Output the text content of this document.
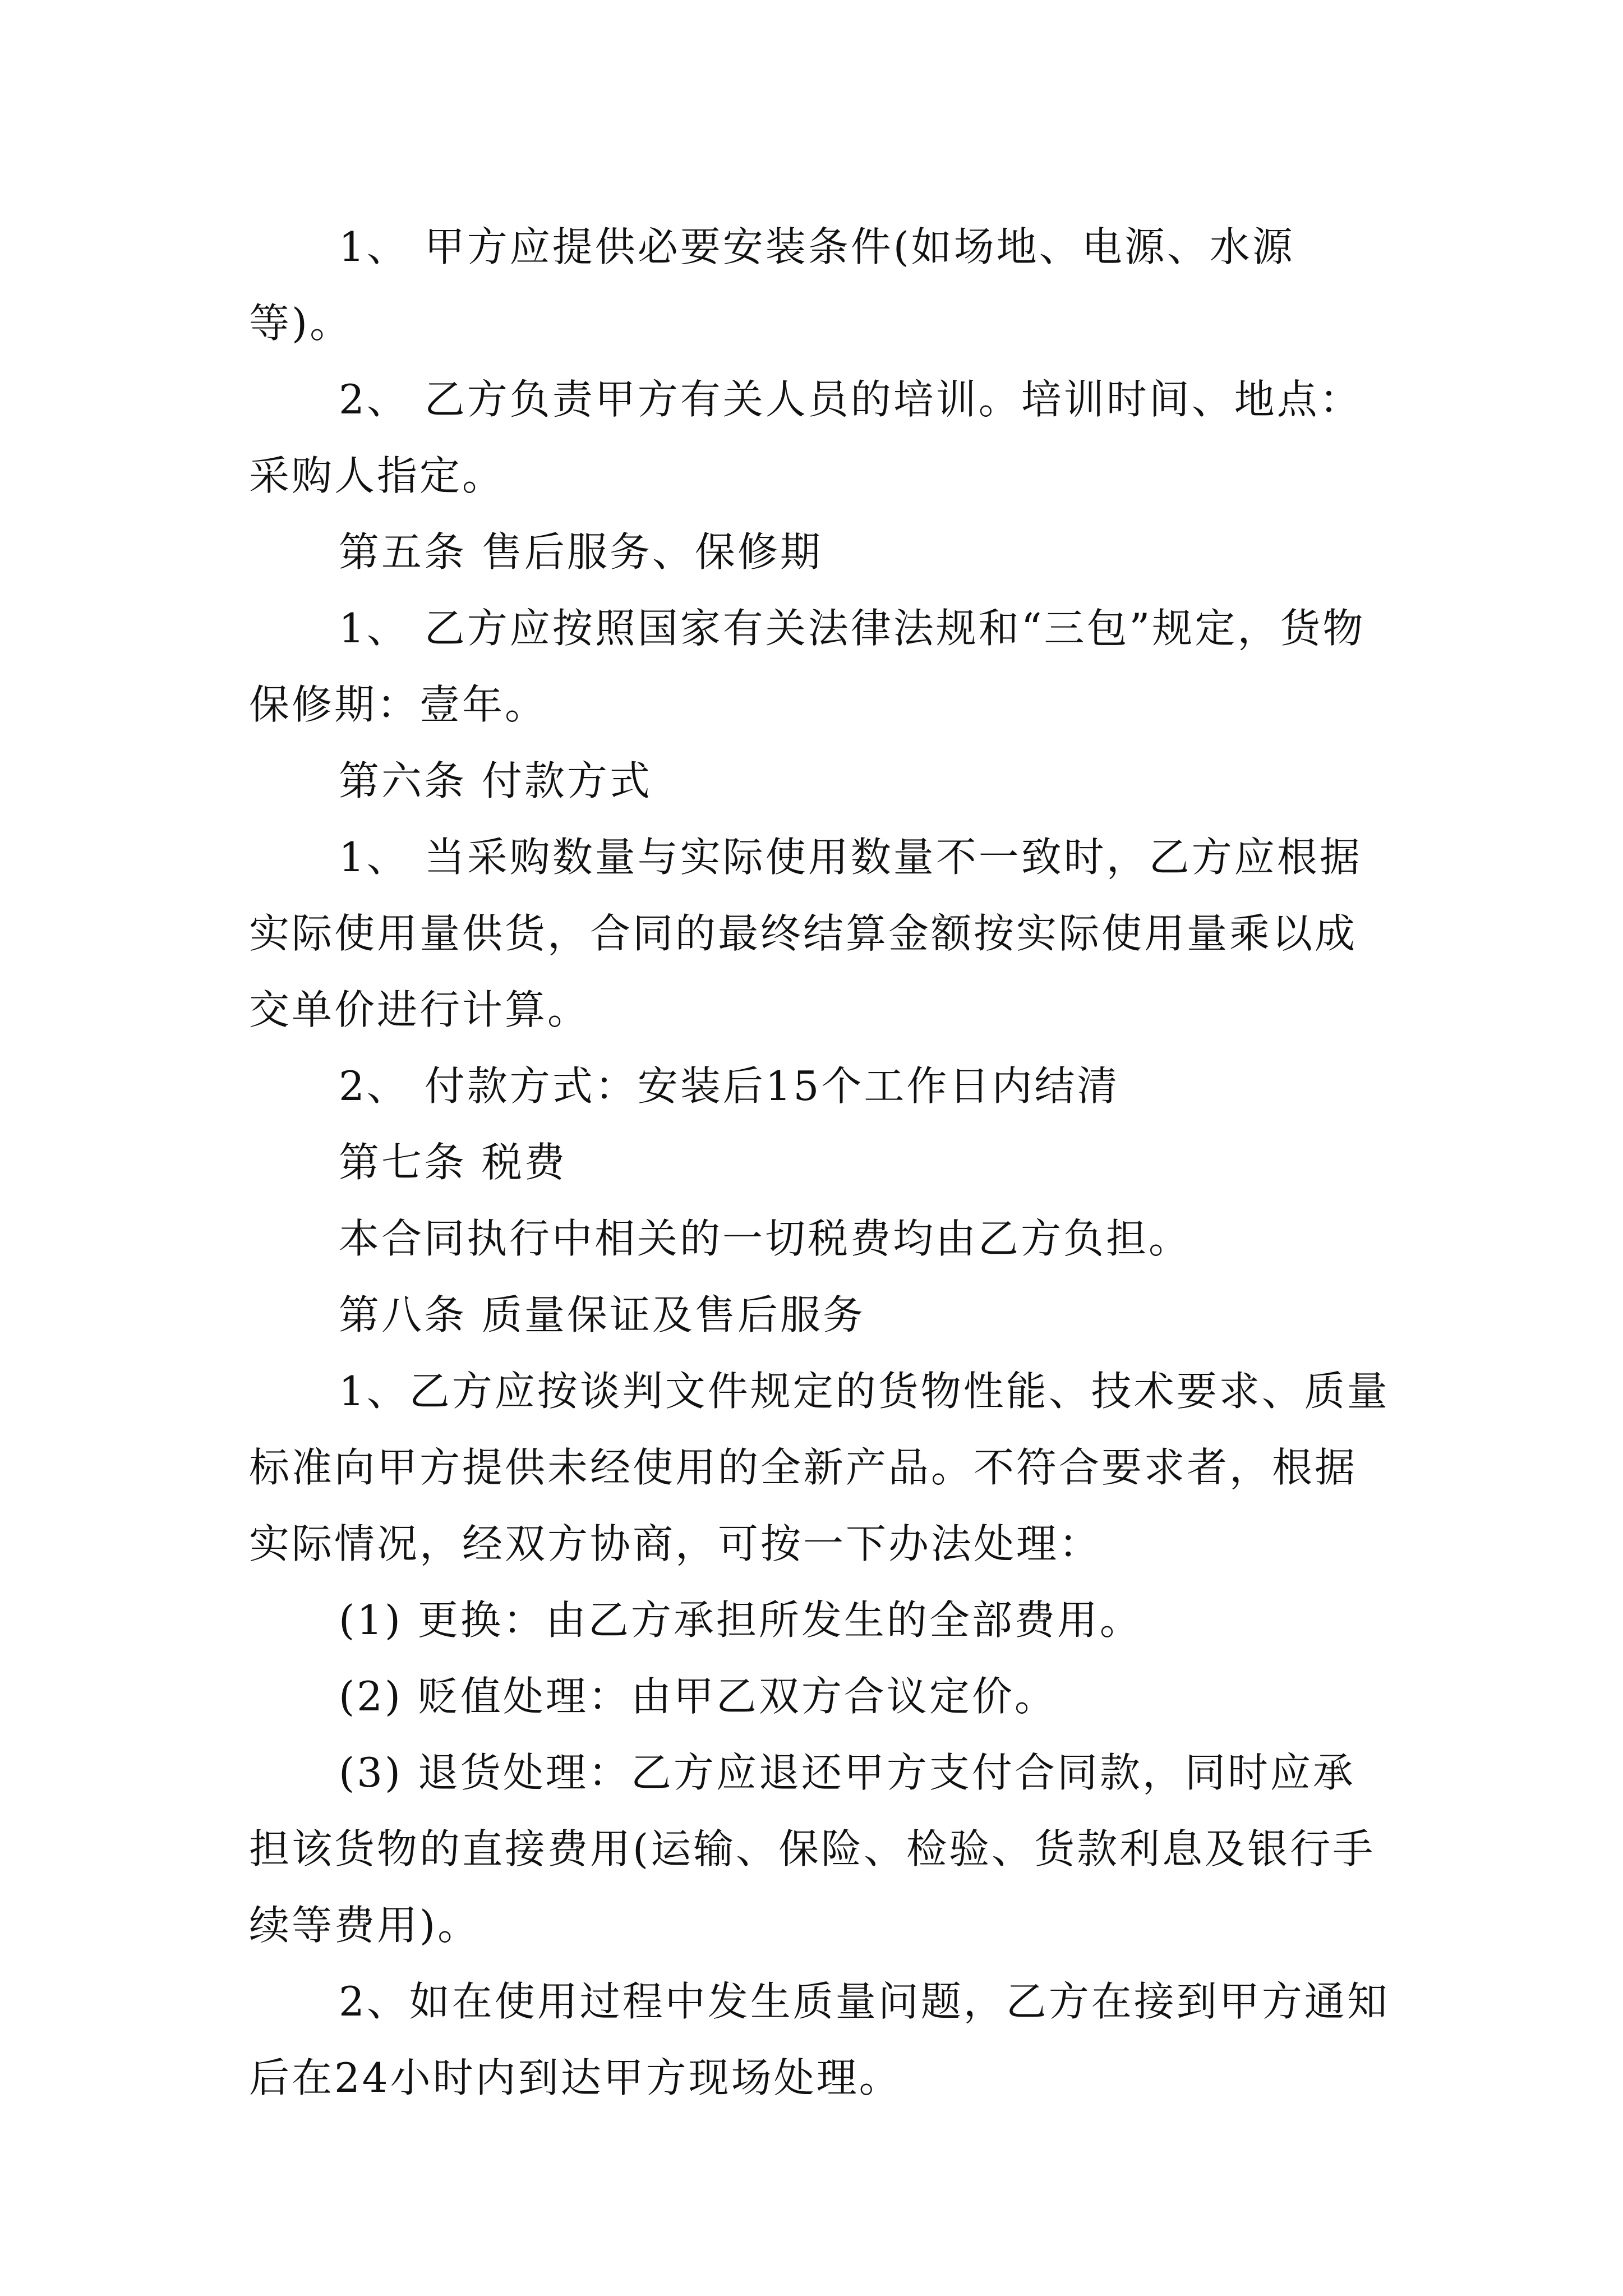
1、 甲方应提供必要安装条件(如场地、电源、水源等)。

2、 乙方负责甲方有关人员的培训。培训时间、地点：采购人指定。

第五条 售后服务、保修期

1、 乙方应按照国家有关法律法规和“三包”规定，货物保修期：壹年。

第六条 付款方式

1、 当采购数量与实际使用数量不一致时，乙方应根据实际使用量供货，合同的最终结算金额按实际使用量乘以成交单价进行计算。

2、 付款方式：安装后15个工作日内结清

第七条 税费

本合同执行中相关的一切税费均由乙方负担。

第八条 质量保证及售后服务

1、乙方应按谈判文件规定的货物性能、技术要求、质量标准向甲方提供未经使用的全新产品。不符合要求者，根据实际情况，经双方协商，可按一下办法处理：

(1) 更换：由乙方承担所发生的全部费用。

(2) 贬值处理：由甲乙双方合议定价。

(3) 退货处理：乙方应退还甲方支付合同款，同时应承担该货物的直接费用(运输、保险、检验、货款利息及银行手续等费用)。

2、如在使用过程中发生质量问题，乙方在接到甲方通知后在24小时内到达甲方现场处理。
